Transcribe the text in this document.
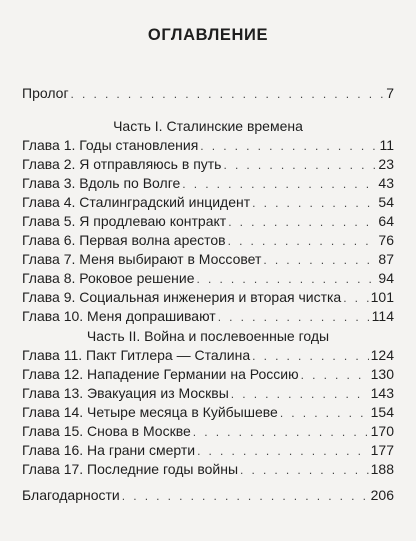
ОГЛАВЛЕНИЕ
Пролог . . .	7
Часть I. Сталинские времена
Глава 1. Годы становления . . .	11
Глава 2. Я отправляюсь в путь . . .	23
Глава 3. Вдоль по Волге . . .	43
Глава 4. Сталинградский инцидент . . .	54
Глава 5. Я продлеваю контракт . . .	64
Глава 6. Первая волна арестов . . .	76
Глава 7. Меня выбирают в Моссовет . . .	87
Глава 8. Роковое решение . . .	94
Глава 9. Социальная инженерия и вторая чистка . . . 101
Глава 10. Меня допрашивают . . .	114
Часть II. Война и послевоенные годы
Глава 11. Пакт Гитлера — Сталина . . .	124
Глава 12. Нападение Германии на Россию . . .	130
Глава 13. Эвакуация из Москвы . . .	143
Глава 14. Четыре месяца в Куйбышеве . . .	154
Глава 15. Снова в Москве . . .	170
Глава 16. На грани смерти . . .	177
Глава 17. Последние годы войны . . .	188
Благодарности . . .	206
